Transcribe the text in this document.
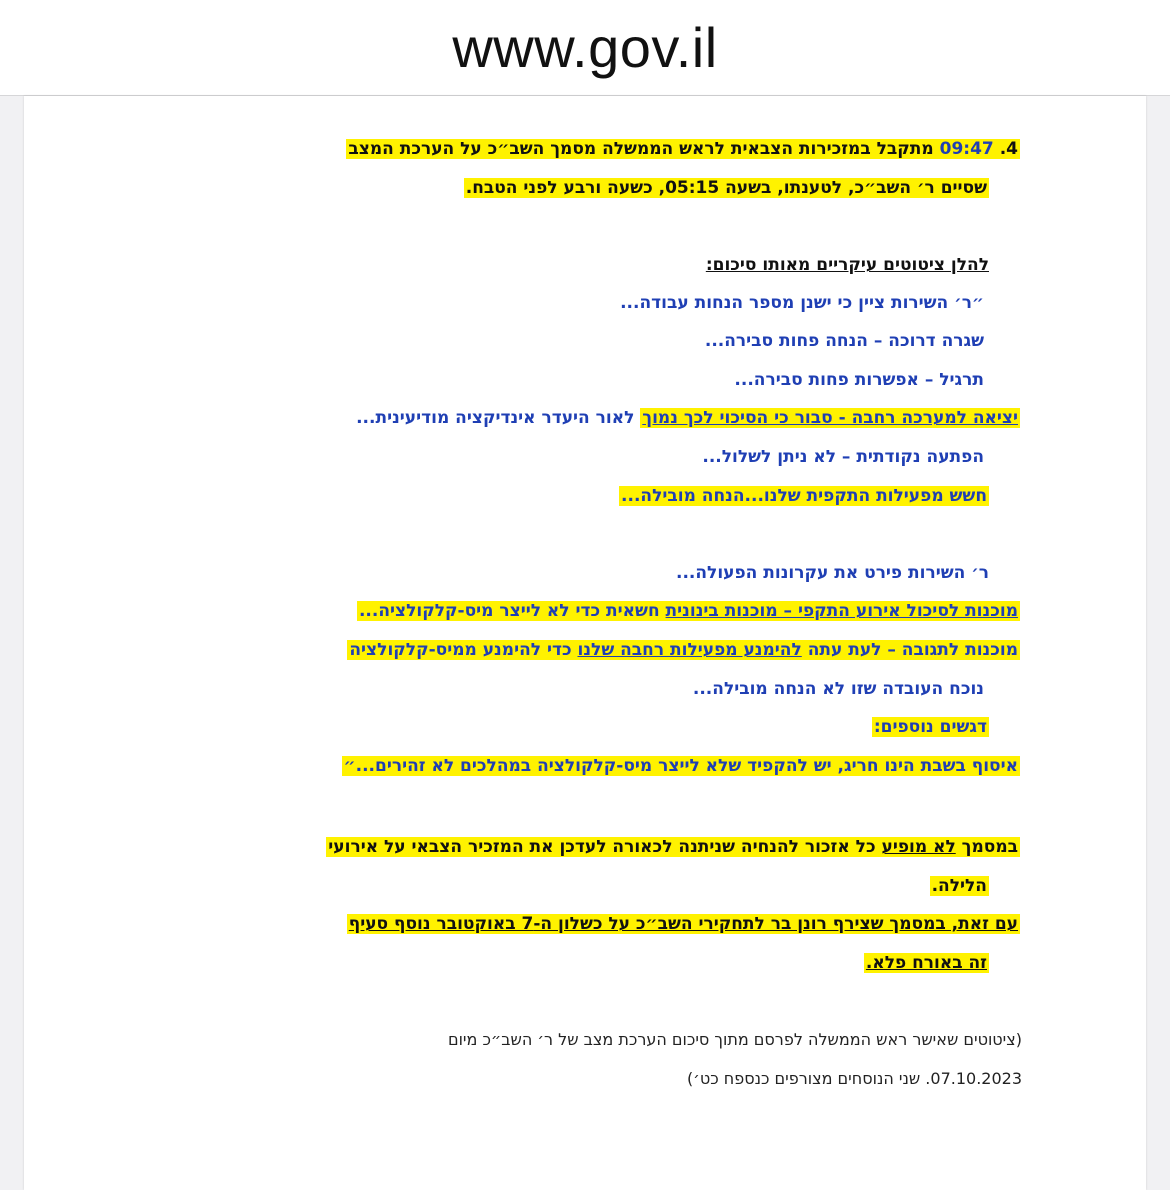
www.gov.il
4. 09:47 מתקבל במזכירות הצבאית לראש הממשלה מסמך השב״כ על הערכת המצב
שסיים ר׳ השב״כ, לטענתו, בשעה 05:15, כשעה ורבע לפני הטבח.
להלן ציטוטים עיקריים מאותו סיכום:
״ר׳ השירות ציין כי ישנן מספר הנחות עבודה...
שגרה דרוכה – הנחה פחות סבירה...
תרגיל – אפשרות פחות סבירה...
יציאה למערכה רחבה - סבור כי הסיכוי לכך נמוך לאור היעדר אינדיקציה מודיעינית...
הפתעה נקודתית – לא ניתן לשלול...
חשש מפעילות התקפית שלנו...הנחה מובילה...
ר׳ השירות פירט את עקרונות הפעולה...
מוכנות לסיכול אירוע התקפי – מוכנות בינונית חשאית כדי לא לייצר מיס-קלקולציה...
מוכנות לתגובה – לעת עתה להימנע מפעילות רחבה שלנו כדי להימנע ממיס-קלקולציה
נוכח העובדה שזו לא הנחה מובילה...
דגשים נוספים:
איסוף בשבת הינו חריג, יש להקפיד שלא לייצר מיס-קלקולציה במהלכים לא זהירים...״
במסמך לא מופיע כל אזכור להנחיה שניתנה לכאורה לעדכן את המזכיר הצבאי על אירועי
הלילה.
עם זאת, במסמך שצירף רונן בר לתחקירי השב״כ על כשלון ה-7 באוקטובר נוסף סעיף
זה באורח פלא.
(ציטוטים שאישר ראש הממשלה לפרסם מתוך סיכום הערכת מצב של ר׳ השב״כ מיום
07.10.2023. שני הנוסחים מצורפים כנספח כט׳)
